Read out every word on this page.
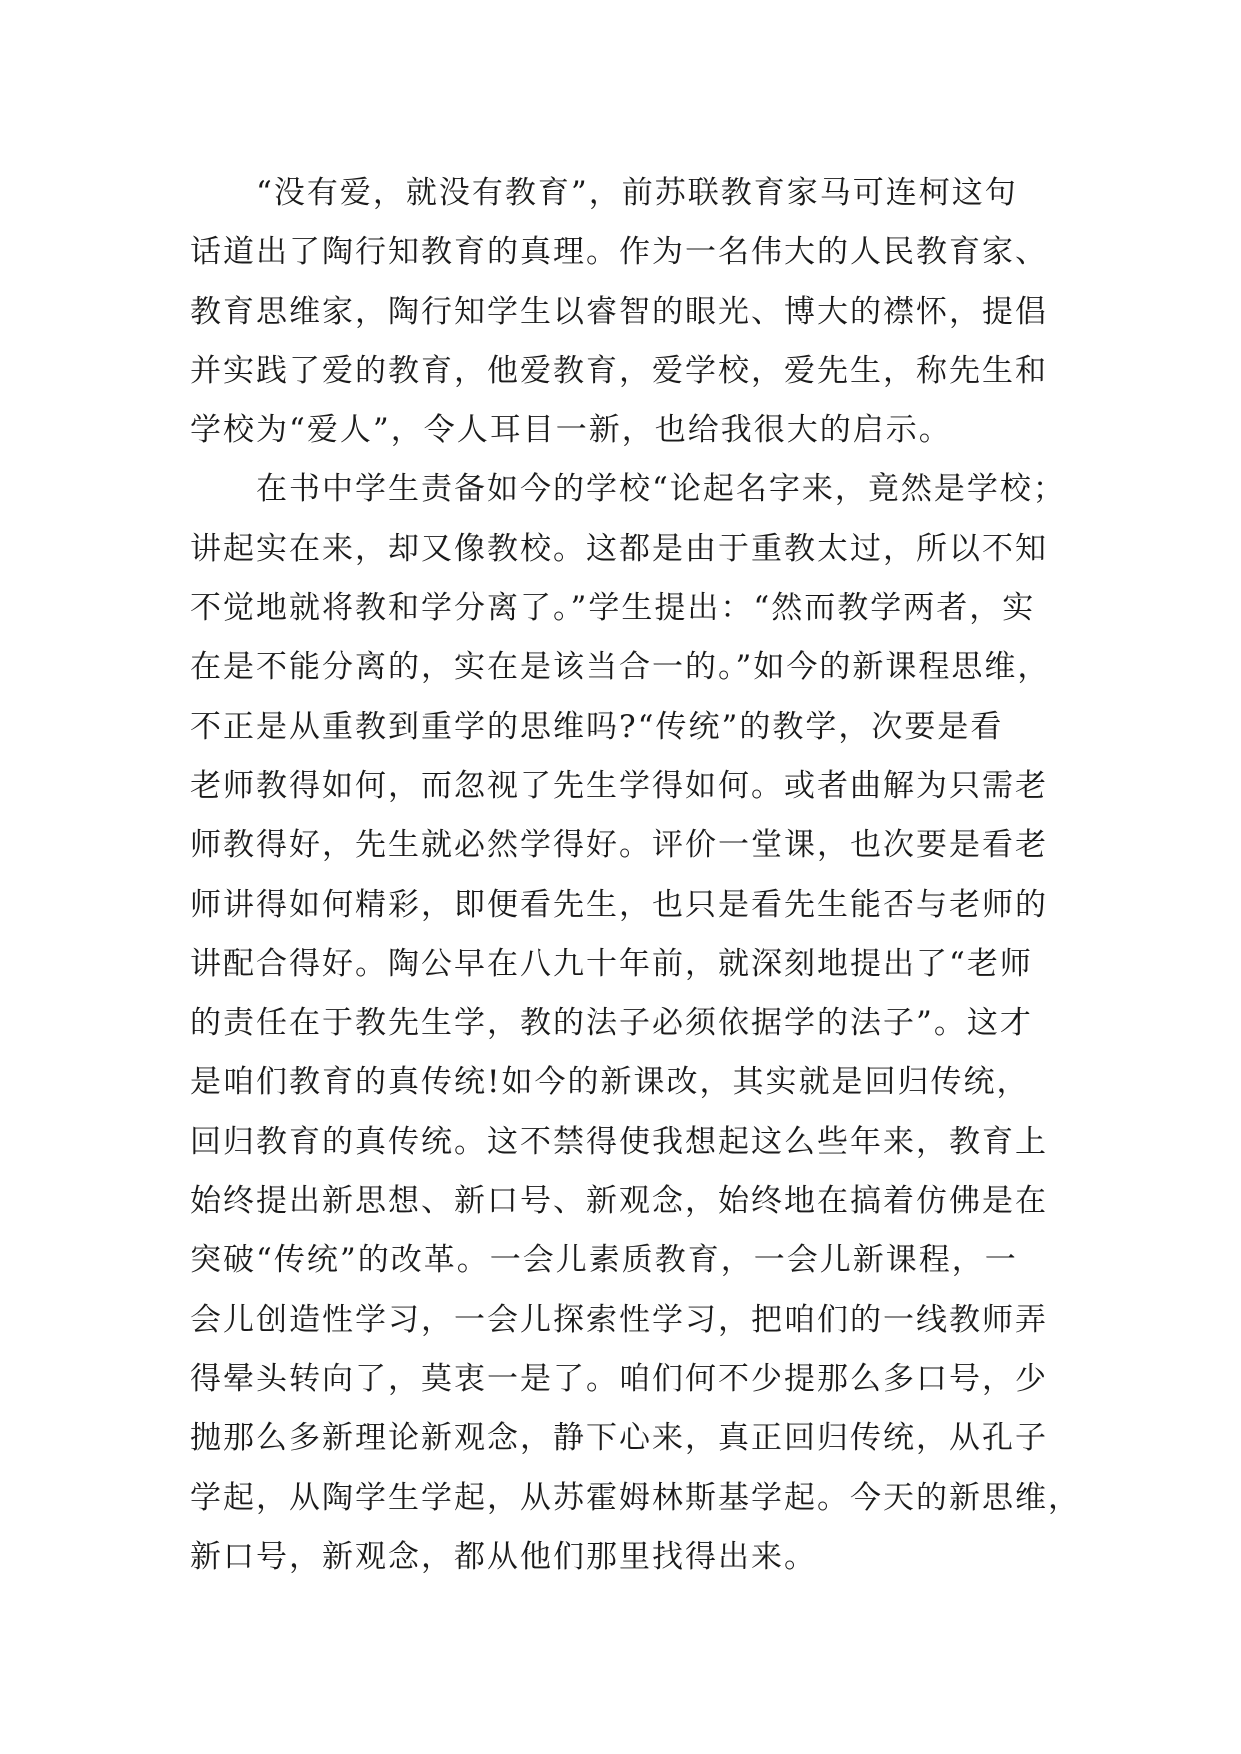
“没有爱，就没有教育”，前苏联教育家马可连柯这句
话道出了陶行知教育的真理。作为一名伟大的人民教育家、
教育思维家，陶行知学生以睿智的眼光、博大的襟怀，提倡
并实践了爱的教育，他爱教育，爱学校，爱先生，称先生和
学校为“爱人”，令人耳目一新，也给我很大的启示。
在书中学生责备如今的学校“论起名字来，竟然是学校；
讲起实在来，却又像教校。这都是由于重教太过，所以不知
不觉地就将教和学分离了。”学生提出：“然而教学两者，实
在是不能分离的，实在是该当合一的。”如今的新课程思维，
不正是从重教到重学的思维吗?“传统”的教学，次要是看
老师教得如何，而忽视了先生学得如何。或者曲解为只需老
师教得好，先生就必然学得好。评价一堂课，也次要是看老
师讲得如何精彩，即便看先生，也只是看先生能否与老师的
讲配合得好。陶公早在八九十年前，就深刻地提出了“老师
的责任在于教先生学，教的法子必须依据学的法子”。这才
是咱们教育的真传统!如今的新课改，其实就是回归传统，
回归教育的真传统。这不禁得使我想起这么些年来，教育上
始终提出新思想、新口号、新观念，始终地在搞着仿佛是在
突破“传统”的改革。一会儿素质教育，一会儿新课程，一
会儿创造性学习，一会儿探索性学习，把咱们的一线教师弄
得晕头转向了，莫衷一是了。咱们何不少提那么多口号，少
抛那么多新理论新观念，静下心来，真正回归传统，从孔子
学起，从陶学生学起，从苏霍姆林斯基学起。今天的新思维，
新口号，新观念，都从他们那里找得出来。
